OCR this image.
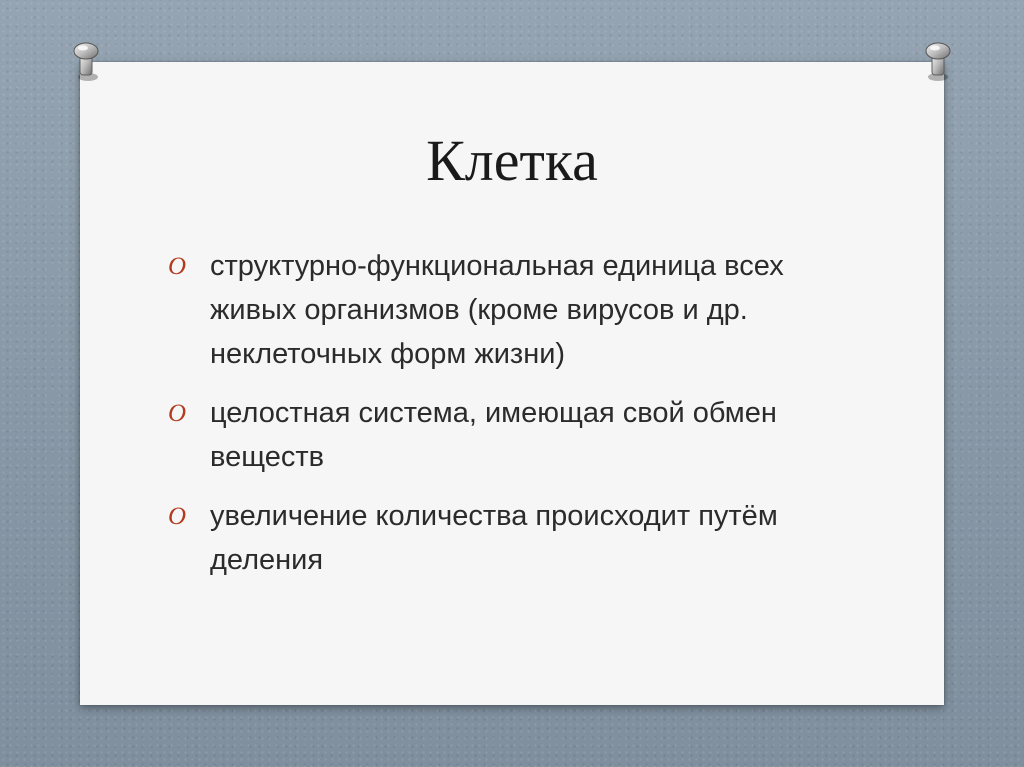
Клетка
O структурно-функциональная единица всех живых организмов (кроме вирусов и др. неклеточных форм жизни)
O целостная система, имеющая свой обмен веществ
O увеличение количества происходит путём деления
